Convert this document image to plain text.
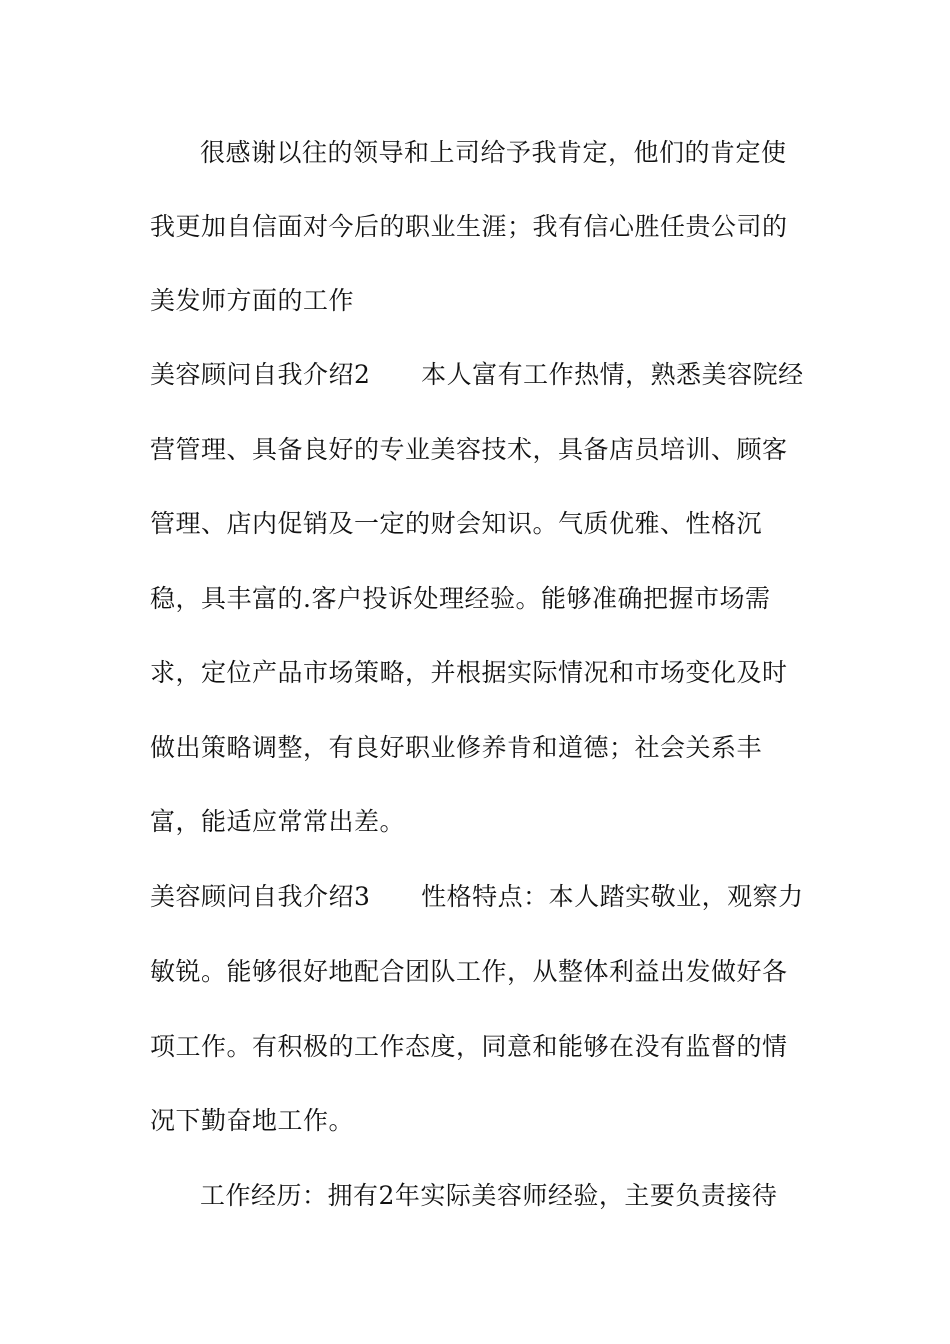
很感谢以往的领导和上司给予我肯定，他们的肯定使
我更加自信面对今后的职业生涯；我有信心胜任贵公司的
美发师方面的工作
美容顾问自我介绍2      本人富有工作热情，熟悉美容院经
营管理、具备良好的专业美容技术，具备店员培训、顾客
管理、店内促销及一定的财会知识。气质优雅、性格沉
稳，具丰富的.客户投诉处理经验。能够准确把握市场需
求，定位产品市场策略，并根据实际情况和市场变化及时
做出策略调整，有良好职业修养肯和道德；社会关系丰
富，能适应常常出差。
美容顾问自我介绍3      性格特点：本人踏实敬业，观察力
敏锐。能够很好地配合团队工作，从整体利益出发做好各
项工作。有积极的工作态度，同意和能够在没有监督的情
况下勤奋地工作。
工作经历：拥有2年实际美容师经验，主要负责接待
